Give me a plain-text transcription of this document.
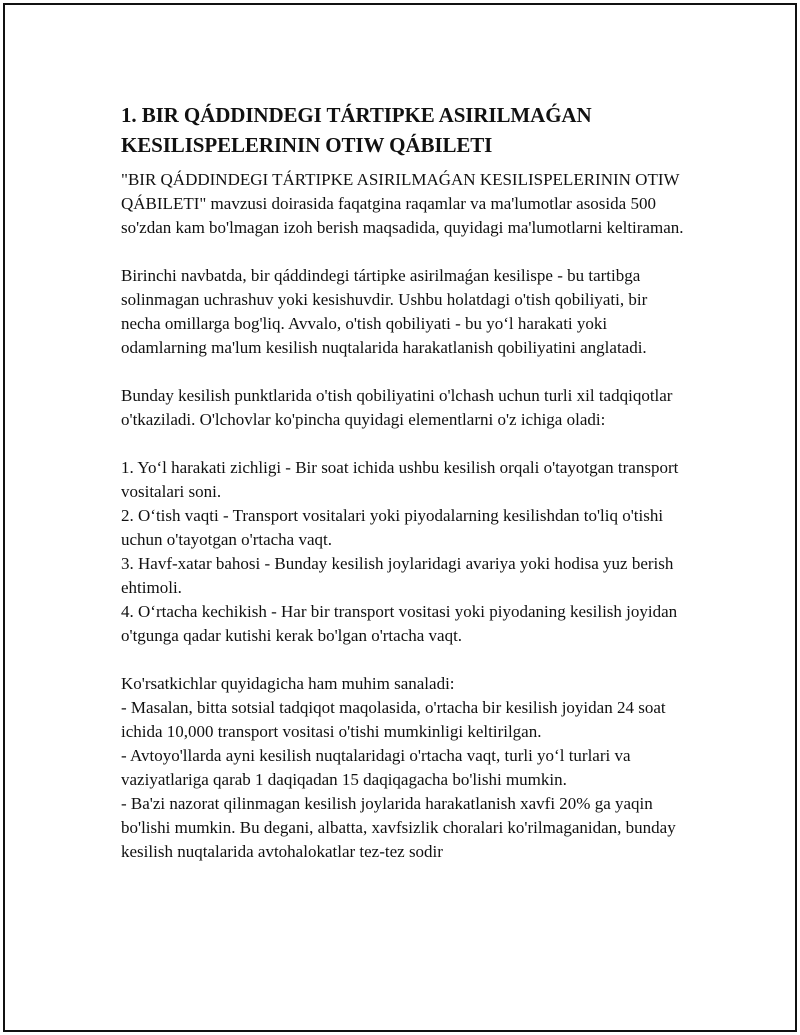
1. BIR QÁDDINDEGI TÁRTIPKE ASIRILMAǴAN
KESILISPELERININ OTIW QÁBILETI

"BIR QÁDDINDEGI TÁRTIPKE ASIRILMAǴAN KESILISPELERININ OTIW QÁBILETI" mavzusi doirasida faqatgina raqamlar va ma'lumotlar asosida 500 so'zdan kam bo'lmagan izoh berish maqsadida, quyidagi ma'lumotlarni keltiraman.

Birinchi navbatda, bir qáddindegi tártipke asirilmaǵan kesilispe - bu tartibga solinmagan uchrashuv yoki kesishuvdir. Ushbu holatdagi o'tish qobiliyati, bir necha omillarga bog'liq. Avvalo, o'tish qobiliyati - bu yo‘l harakati yoki odamlarning ma'lum kesilish nuqtalarida harakatlanish qobiliyatini anglatadi.

Bunday kesilish punktlarida o'tish qobiliyatini o'lchash uchun turli xil tadqiqotlar o'tkaziladi. O'lchovlar ko'pincha quyidagi elementlarni o'z ichiga oladi:

1. Yo‘l harakati zichligi - Bir soat ichida ushbu kesilish orqali o'tayotgan transport vositalari soni.
2. O‘tish vaqti - Transport vositalari yoki piyodalarning kesilishdan to'liq o'tishi uchun o'tayotgan o'rtacha vaqt.
3. Havf-xatar bahosi - Bunday kesilish joylaridagi avariya yoki hodisa yuz berish ehtimoli.
4. O‘rtacha kechikish - Har bir transport vositasi yoki piyodaning kesilish joyidan o'tgunga qadar kutishi kerak bo'lgan o'rtacha vaqt.
Ko'rsatkichlar quyidagicha ham muhim sanaladi:
- Masalan, bitta sotsial tadqiqot maqolasida, o'rtacha bir kesilish joyidan 24 soat ichida 10,000 transport vositasi o'tishi mumkinligi keltirilgan.
- Avtoyo'llarda ayni kesilish nuqtalaridagi o'rtacha vaqt, turli yo‘l turlari va vaziyatlariga qarab 1 daqiqadan 15 daqiqagacha bo'lishi mumkin.
- Ba'zi nazorat qilinmagan kesilish joylarida harakatlanish xavfi 20% ga yaqin bo'lishi mumkin. Bu degani, albatta, xavfsizlik choralari ko'rilmaganidan, bunday kesilish nuqtalarida avtohalokatlar tez-tez sodir
